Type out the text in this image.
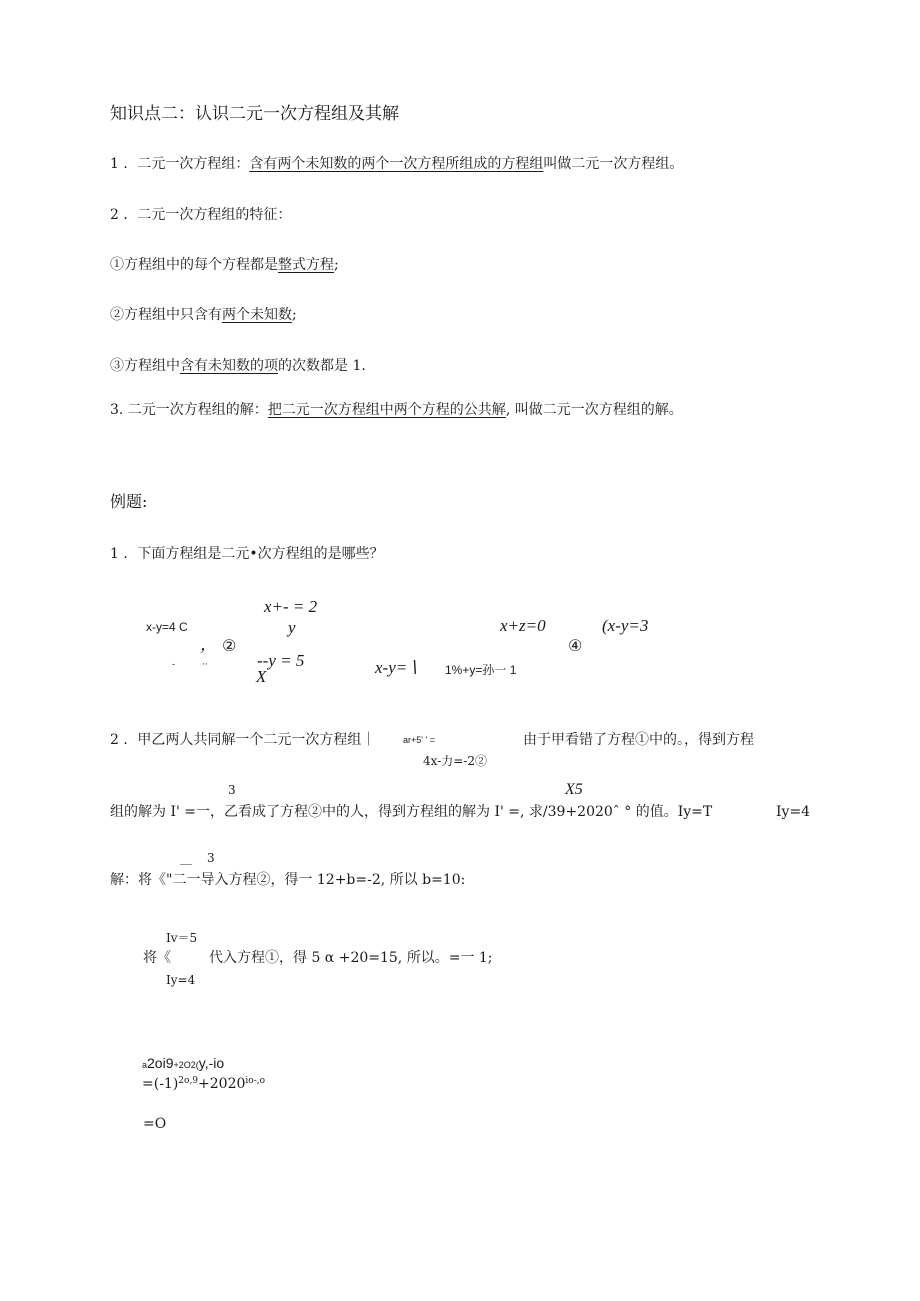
知识点二：认识二元一次方程组及其解
1 ．二元一次方程组：含有两个未知数的两个一次方程所组成的方程组叫做二元一次方程组。
2 ．二元一次方程组的特征：
①方程组中的每个方程都是整式方程;
②方程组中只含有两个未知数;
③方程组中含有未知数的项的次数都是 1.
3. 二元一次方程组的解：把二元一次方程组中两个方程的公共解, 叫做二元一次方程组的解。
例题:
1 ．下面方程组是二元•次方程组的是哪些？
x-y=4 C
-	··
， ②
x+- = 2
y
--y = 5
X
x+z=0
x-y=∖ 1%+y=孙一 1
④
(x-y=3
2 ．甲乙两人共同解一个二元一次方程组｜	ar+5' ' =	由于甲看错了方程①中的。，得到方程
4x-力=-2②
3	X5
组的解为 I' =一，乙看成了方程②中的人，得到方程组的解为 I' =, 求/39+2020ˆ ° 的值。Iy=T	Iy=4
__ 3
解：将《"二一导入方程②，得一 12+b=-2, 所以 b=10:
Iv＝5
将《	代入方程①，得 5 α +20=15, 所以。=一 1;
Iy=4
a2oi9+2O2(y,-io
$=(-1)^{2o,9}+2020^{io-,o}$
=O
